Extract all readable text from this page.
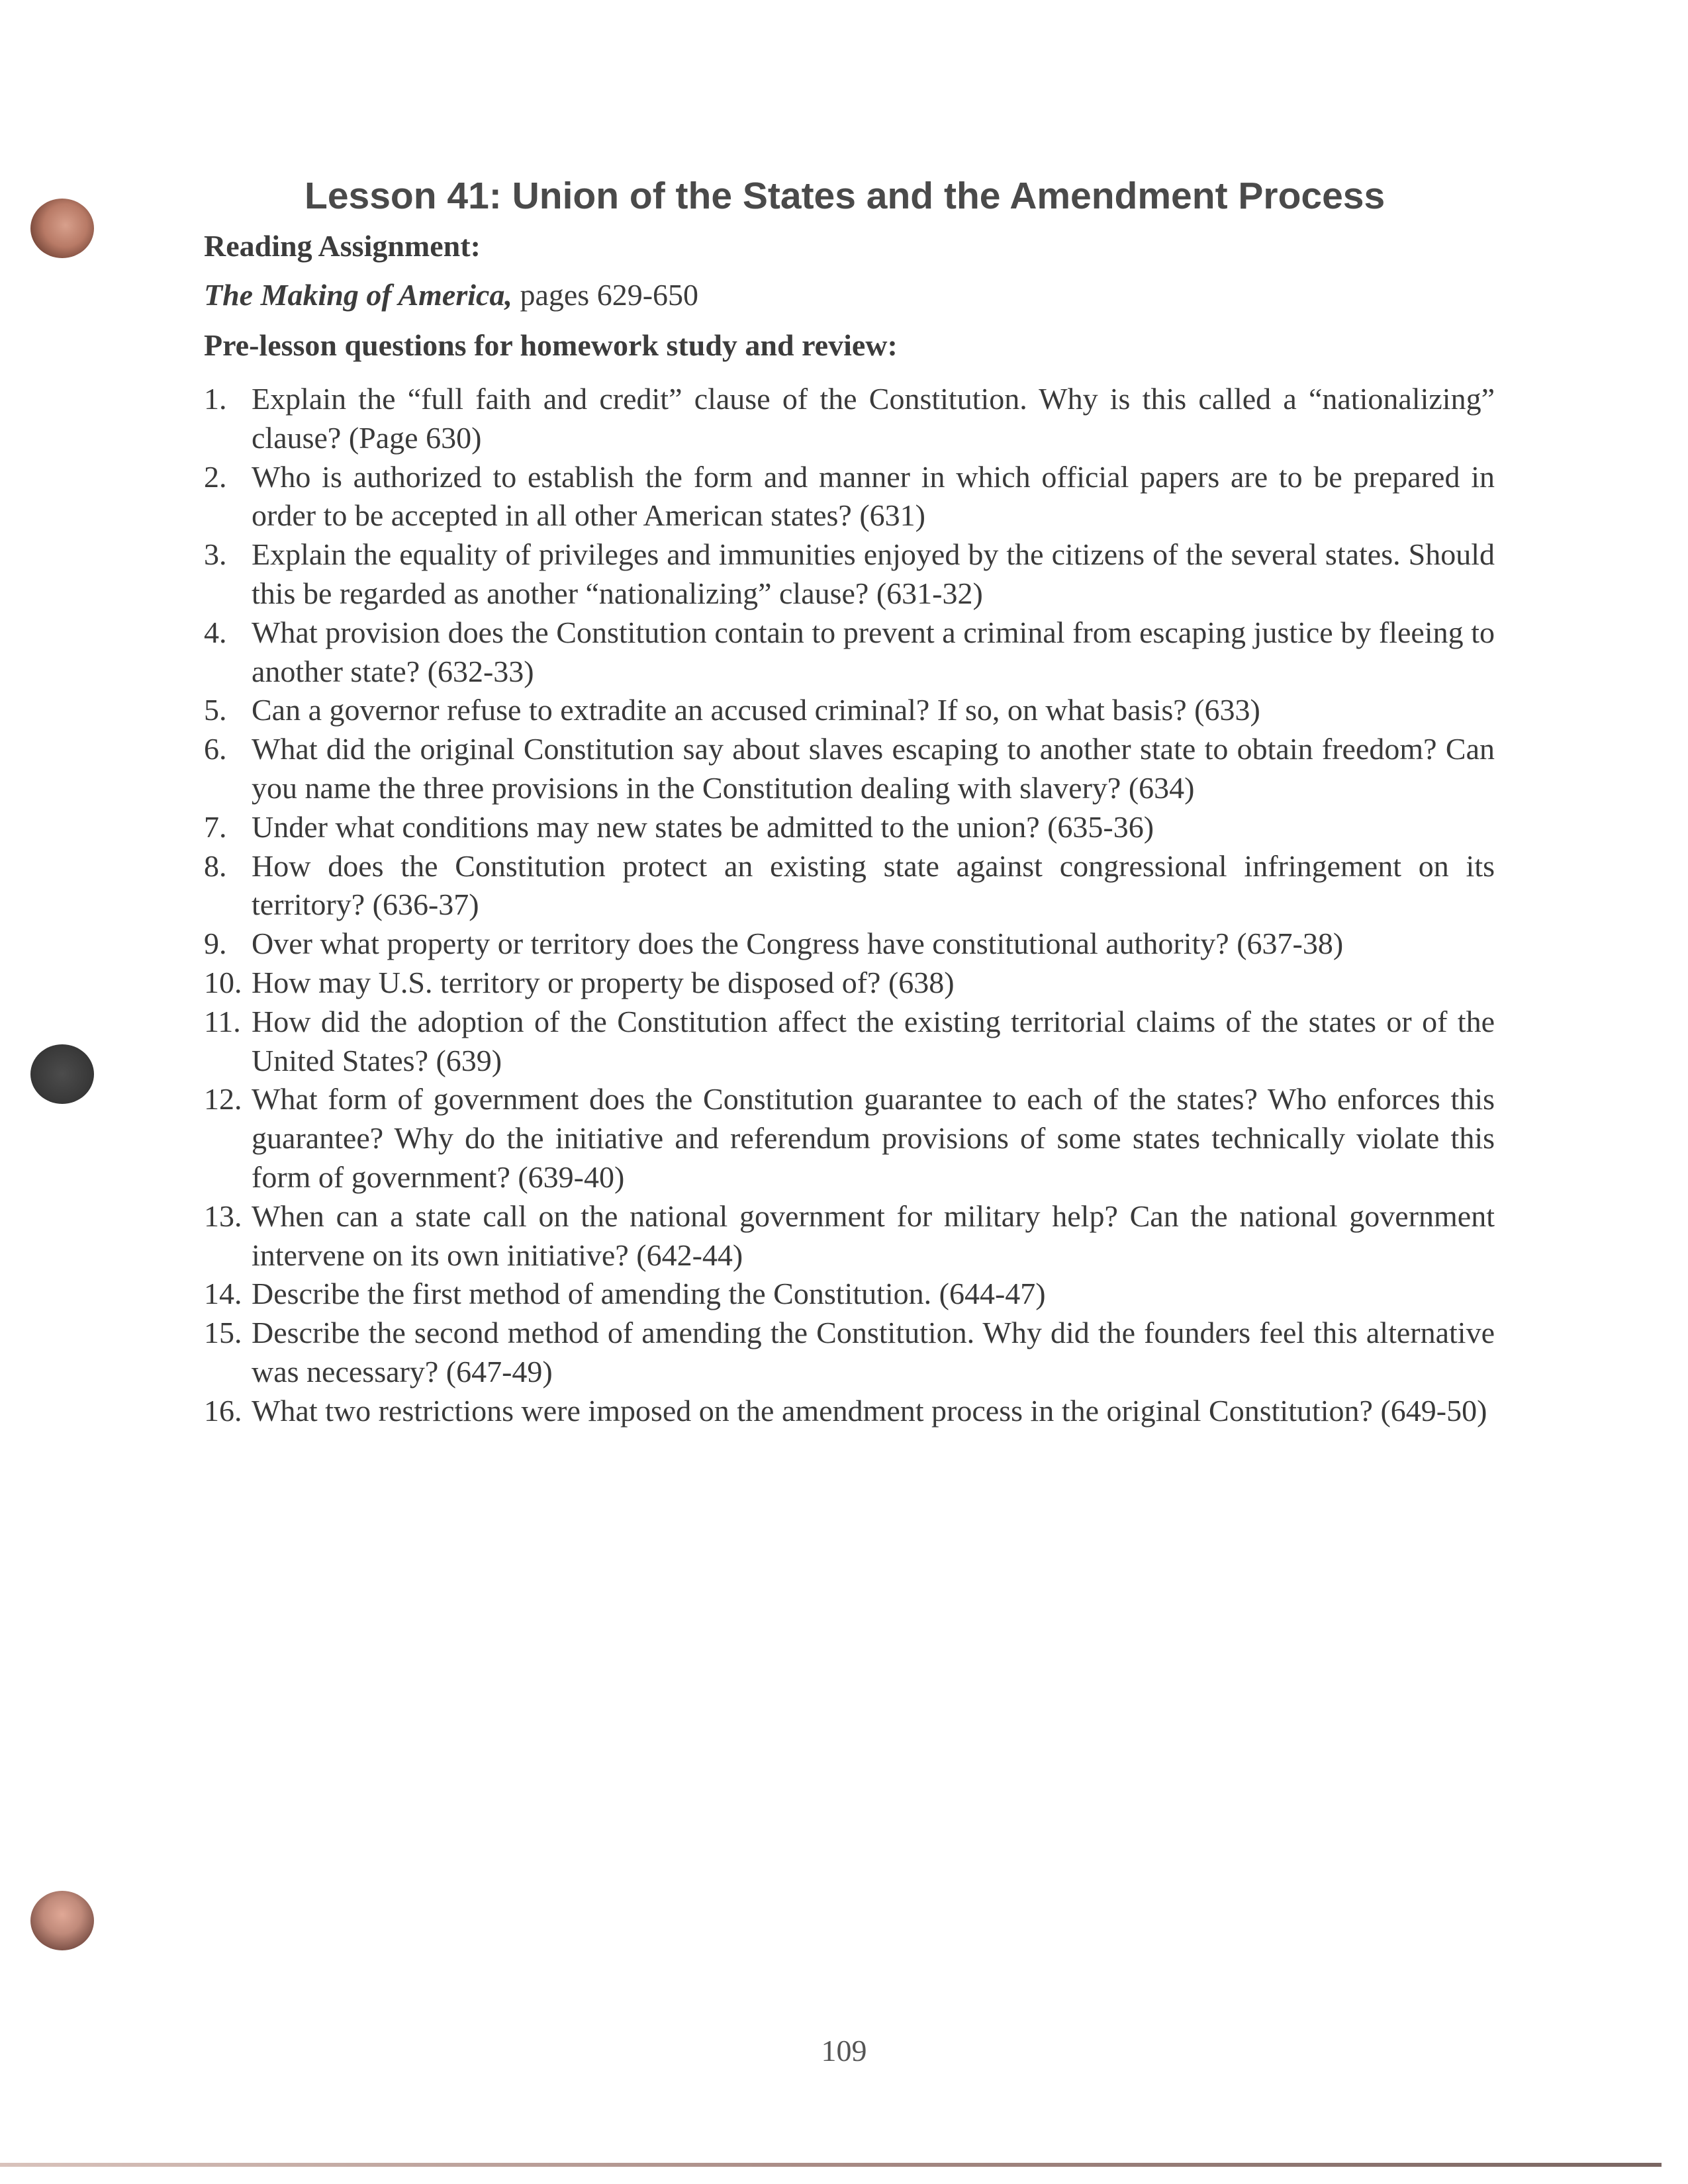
Lesson 41: Union of the States and the Amendment Process
Reading Assignment:
The Making of America, pages 629-650
Pre-lesson questions for homework study and review:
1. Explain the “full faith and credit” clause of the Constitution. Why is this called a “nationalizing” clause? (Page 630)
2. Who is authorized to establish the form and manner in which official papers are to be prepared in order to be accepted in all other American states? (631)
3. Explain the equality of privileges and immunities enjoyed by the citizens of the several states. Should this be regarded as another “nationalizing” clause? (631-32)
4. What provision does the Constitution contain to prevent a criminal from escaping justice by fleeing to another state? (632-33)
5. Can a governor refuse to extradite an accused criminal? If so, on what basis? (633)
6. What did the original Constitution say about slaves escaping to another state to obtain freedom? Can you name the three provisions in the Constitution dealing with slavery? (634)
7. Under what conditions may new states be admitted to the union? (635-36)
8. How does the Constitution protect an existing state against congressional infringement on its territory? (636-37)
9. Over what property or territory does the Congress have constitutional authority? (637-38)
10. How may U.S. territory or property be disposed of? (638)
11. How did the adoption of the Constitution affect the existing territorial claims of the states or of the United States? (639)
12. What form of government does the Constitution guarantee to each of the states? Who enforces this guarantee? Why do the initiative and referendum provisions of some states technically violate this form of government? (639-40)
13. When can a state call on the national government for military help? Can the national government intervene on its own initiative? (642-44)
14. Describe the first method of amending the Constitution. (644-47)
15. Describe the second method of amending the Constitution. Why did the founders feel this alternative was necessary? (647-49)
16. What two restrictions were imposed on the amendment process in the original Constitution? (649-50)
109
